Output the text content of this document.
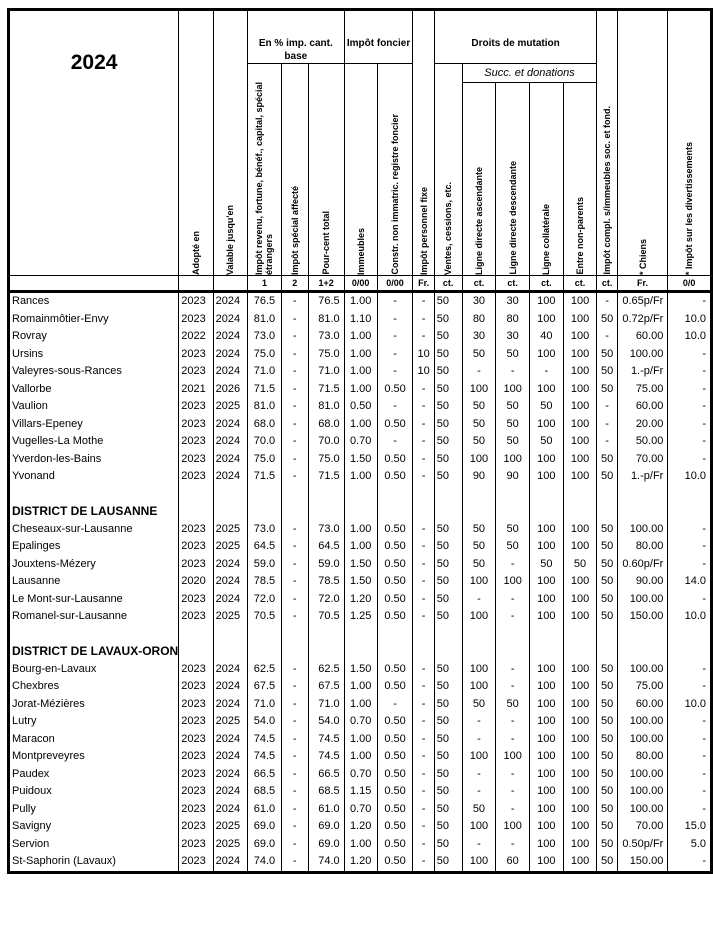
2024	Adopté en	Valable jusqu'en	En % imp. cant. base			Impôt foncier		Impôt personnel fixe	Droits de mutation					Impôt compl. s/immeubles soc. et fond.	* Chiens	* Impôt sur les divertissements

			Impôt revenu, fortune, bénéf., capital, spécial étrangers	Impôt spécial affecté	Pour-cent total	Immeubles	Constr. non immatric. registre foncier		Ventes, cessions, etc.	Succ. et donations						

										Ligne directe ascendante	Ligne directe descendante	Ligne collatérale	Entre non-parents			

			1	2	1+2	0/00	0/00	Fr.	ct.	ct.	ct.	ct.	ct.	ct.	Fr.	0/0
Rances	2023	2024	76.5	-	76.5	1.00	-	-	50	30	30	100	100	-	0.65p/Fr	-
Romainmôtier-Envy	2023	2024	81.0	-	81.0	1.10	-	-	50	80	80	100	100	50	0.72p/Fr	10.0
Rovray	2022	2024	73.0	-	73.0	1.00	-	-	50	30	30	40	100	-	60.00	10.0
Ursins	2023	2024	75.0	-	75.0	1.00	-	10	50	50	50	100	100	50	100.00	-
Valeyres-sous-Rances	2023	2024	71.0	-	71.0	1.00	-	10	50	-	-	-	100	50	1.-p/Fr	-
Vallorbe	2021	2026	71.5	-	71.5	1.00	0.50	-	50	100	100	100	100	50	75.00	-
Vaulion	2023	2025	81.0	-	81.0	0.50	-	-	50	50	50	50	100	-	60.00	-
Villars-Epeney	2023	2024	68.0	-	68.0	1.00	0.50	-	50	50	50	100	100	-	20.00	-
Vugelles-La Mothe	2023	2024	70.0	-	70.0	0.70	-	-	50	50	50	50	100	-	50.00	-
Yverdon-les-Bains	2023	2024	75.0	-	75.0	1.50	0.50	-	50	100	100	100	100	50	70.00	-
Yvonand	2023	2024	71.5	-	71.5	1.00	0.50	-	50	90	90	100	100	50	1.-p/Fr	10.0

DISTRICT DE LAUSANNE																
Cheseaux-sur-Lausanne	2023	2025	73.0	-	73.0	1.00	0.50	-	50	50	50	100	100	50	100.00	-
Epalinges	2023	2025	64.5	-	64.5	1.00	0.50	-	50	50	50	100	100	50	80.00	-
Jouxtens-Mézery	2023	2024	59.0	-	59.0	1.50	0.50	-	50	50	-	50	50	50	0.60p/Fr	-
Lausanne	2020	2024	78.5	-	78.5	1.50	0.50	-	50	100	100	100	100	50	90.00	14.0
Le Mont-sur-Lausanne	2023	2024	72.0	-	72.0	1.20	0.50	-	50	-	-	100	100	50	100.00	-
Romanel-sur-Lausanne	2023	2025	70.5	-	70.5	1.25	0.50	-	50	100	-	100	100	50	150.00	10.0

DISTRICT DE LAVAUX-ORON																
Bourg-en-Lavaux	2023	2024	62.5	-	62.5	1.50	0.50	-	50	100	-	100	100	50	100.00	-
Chexbres	2023	2024	67.5	-	67.5	1.00	0.50	-	50	100	-	100	100	50	75.00	-
Jorat-Mézières	2023	2024	71.0	-	71.0	1.00	-	-	50	50	50	100	100	50	60.00	10.0
Lutry	2023	2025	54.0	-	54.0	0.70	0.50	-	50	-	-	100	100	50	100.00	-
Maracon	2023	2024	74.5	-	74.5	1.00	0.50	-	50	-	-	100	100	50	100.00	-
Montpreveyres	2023	2024	74.5	-	74.5	1.00	0.50	-	50	100	100	100	100	50	80.00	-
Paudex	2023	2024	66.5	-	66.5	0.70	0.50	-	50	-	-	100	100	50	100.00	-
Puidoux	2023	2024	68.5	-	68.5	1.15	0.50	-	50	-	-	100	100	50	100.00	-
Pully	2023	2024	61.0	-	61.0	0.70	0.50	-	50	50	-	100	100	50	100.00	-
Savigny	2023	2025	69.0	-	69.0	1.20	0.50	-	50	100	100	100	100	50	70.00	15.0
Servion	2023	2025	69.0	-	69.0	1.00	0.50	-	50	-	-	100	100	50	0.50p/Fr	5.0
St-Saphorin (Lavaux)	2023	2024	74.0	-	74.0	1.20	0.50	-	50	100	60	100	100	50	150.00	-
